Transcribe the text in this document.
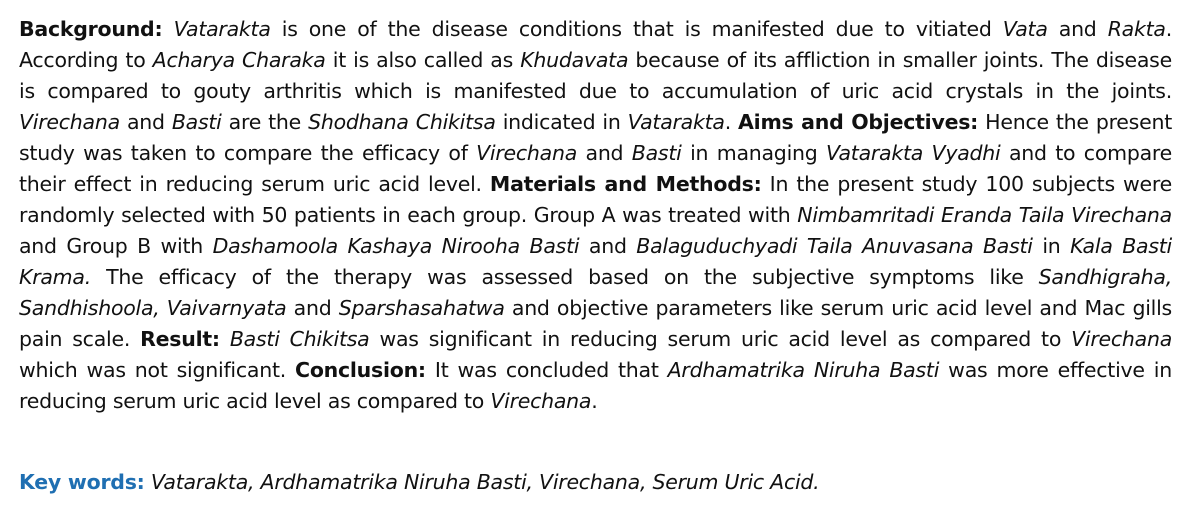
Background: Vatarakta is one of the disease conditions that is manifested due to vitiated Vata and Rakta. According to Acharya Charaka it is also called as Khudavata because of its affliction in smaller joints. The disease is compared to gouty arthritis which is manifested due to accumulation of uric acid crystals in the joints. Virechana and Basti are the Shodhana Chikitsa indicated in Vatarakta. Aims and Objectives: Hence the present study was taken to compare the efficacy of Virechana and Basti in managing Vatarakta Vyadhi and to compare their effect in reducing serum uric acid level. Materials and Methods: In the present study 100 subjects were randomly selected with 50 patients in each group. Group A was treated with Nimbamritadi Eranda Taila Virechana and Group B with Dashamoola Kashaya Nirooha Basti and Balaguduchyadi Taila Anuvasana Basti in Kala Basti Krama. The efficacy of the therapy was assessed based on the subjective symptoms like Sandhigraha, Sandhishoola, Vaivarnyata and Sparshasahatwa and objective parameters like serum uric acid level and Mac gills pain scale. Result: Basti Chikitsa was significant in reducing serum uric acid level as compared to Virechana which was not significant. Conclusion: It was concluded that Ardhamatrika Niruha Basti was more effective in reducing serum uric acid level as compared to Virechana.

Key words: Vatarakta, Ardhamatrika Niruha Basti, Virechana, Serum Uric Acid.
